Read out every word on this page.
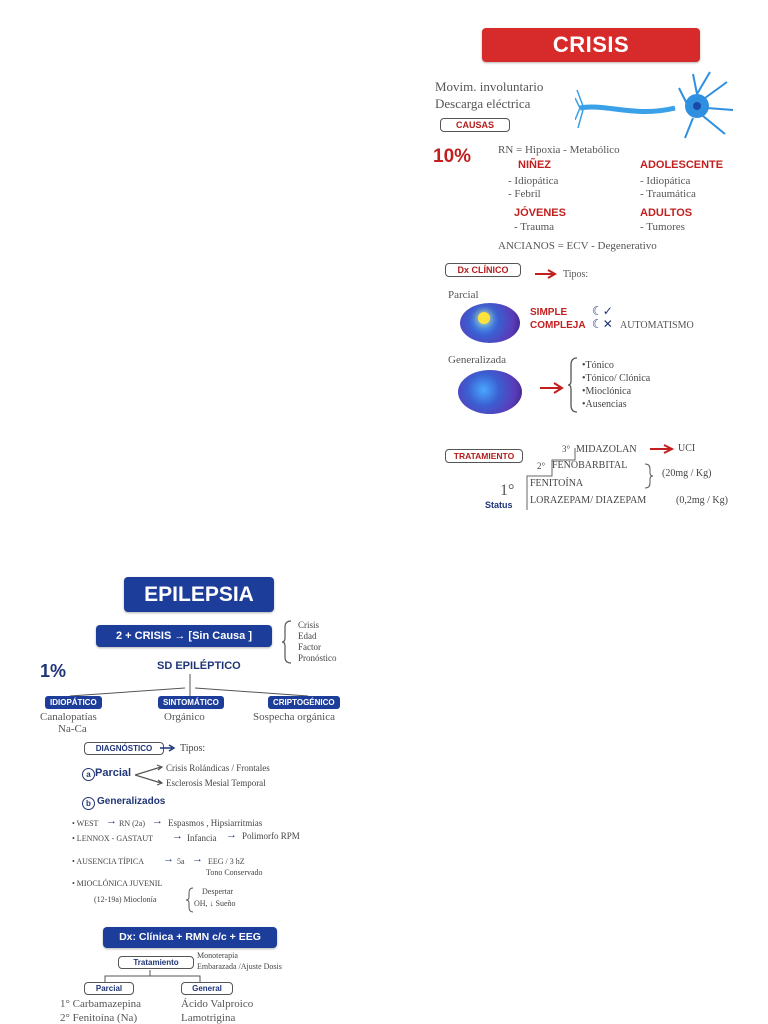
CRISIS CONVULSIVA
Movim. involuntario
Descarga eléctrica
CAUSAS
10% RN = Hipoxia - Metabólico
NIÑEZ
- Idiopática
- Febril
ADOLESCENTE
- Idiopática
- Traumática
JÓVENES
- Trauma
ADULTOS
- Tumores
ANCIANOS = ECV - Degenerativo
Dx CLÍNICO	Tipos:
Parcial
SIMPLE ☾✓
COMPLEJA ☾✕ AUTOMATISMO
Generalizada	•Tónico
•Tónico/ Clónica
•Mioclónica
•Ausencias
TRATAMIENTO
3° MIDAZOLAN	UCI
2° FENOBARBITAL
(20mg / Kg)
FENITOÍNA
1°
Status LORAZEPAM/ DIAZEPAM	(0,2mg / Kg)
EPILEPSIA
2 + CRISIS → [Sin Causa ]
Crisis
Edad
Factor
Pronóstico
1%	SD EPILÉPTICO
IDIOPÁTICO	SINTOMÁTICO	CRIPTOGÉNICO
Canalopatías
Na-Ca
Orgánico	Sospecha orgánica
DIAGNÓSTICO	Tipos:
a Parcial	Crisis Rolándicas / Frontales
Esclerosis Mesial Temporal
b Generalizados
• WEST → RN (2a) → Espasmos , Hipsiarritmias
• LENNOX - GASTAUT → Infancia → Polimorfo RPM
• AUSENCIA TÍPICA → 5a → EEG / 3 hZ
Tono Conservado
• MIOCLÓNICA JUVENIL
(12-19a) Mioclonía
Despertar
OH, ↓ Sueño
Dx: Clínica + RMN c/c + EEG
Tratamiento
Monoterapia
Embarazada /Ajuste Dosis
Parcial	General
1° Carbamazepina
2° Fenitoína (Na)
Ácido Valproico
Lamotrigina
